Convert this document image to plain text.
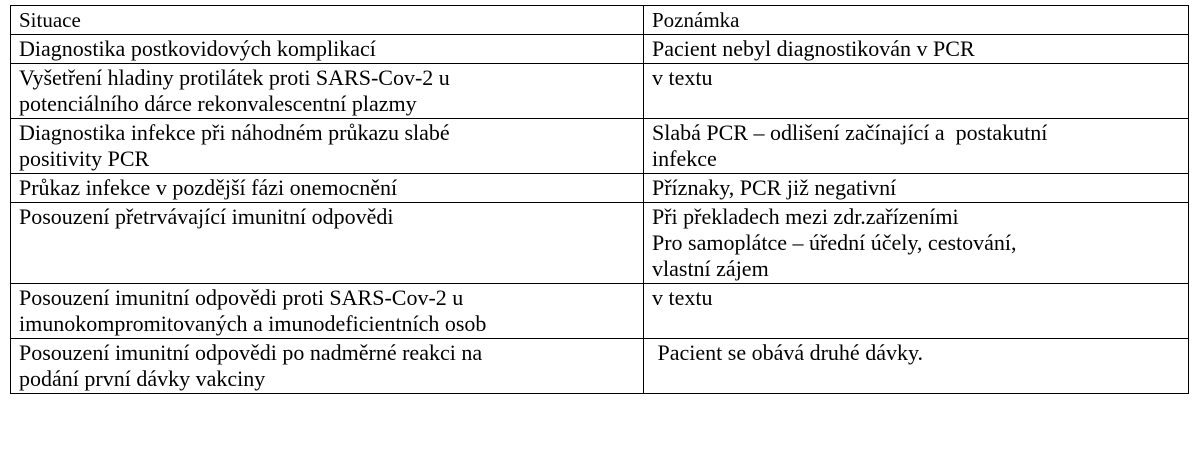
Situace	Poznámka

Diagnostika postkovidových komplikací	Pacient nebyl diagnostikován v PCR

Vyšetření hladiny protilátek proti SARS-Cov-2 u
potenciálního dárce rekonvalescentní plazmy	v textu

Diagnostika infekce při náhodném průkazu slabé
positivity PCR	Slabá PCR – odlišení začínající a  postakutní
infekce

Průkaz infekce v pozdější fázi onemocnění	Příznaky, PCR již negativní

Posouzení přetrvávající imunitní odpovědi	Při překladech mezi zdr.zařízeními
Pro samoplátce – úřední účely, cestování,
vlastní zájem

Posouzení imunitní odpovědi proti SARS-Cov-2 u
imunokompromitovaných a imunodeficientních osob	v textu

Posouzení imunitní odpovědi po nadměrné reakci na
podání první dávky vakciny	Pacient se obává druhé dávky.
